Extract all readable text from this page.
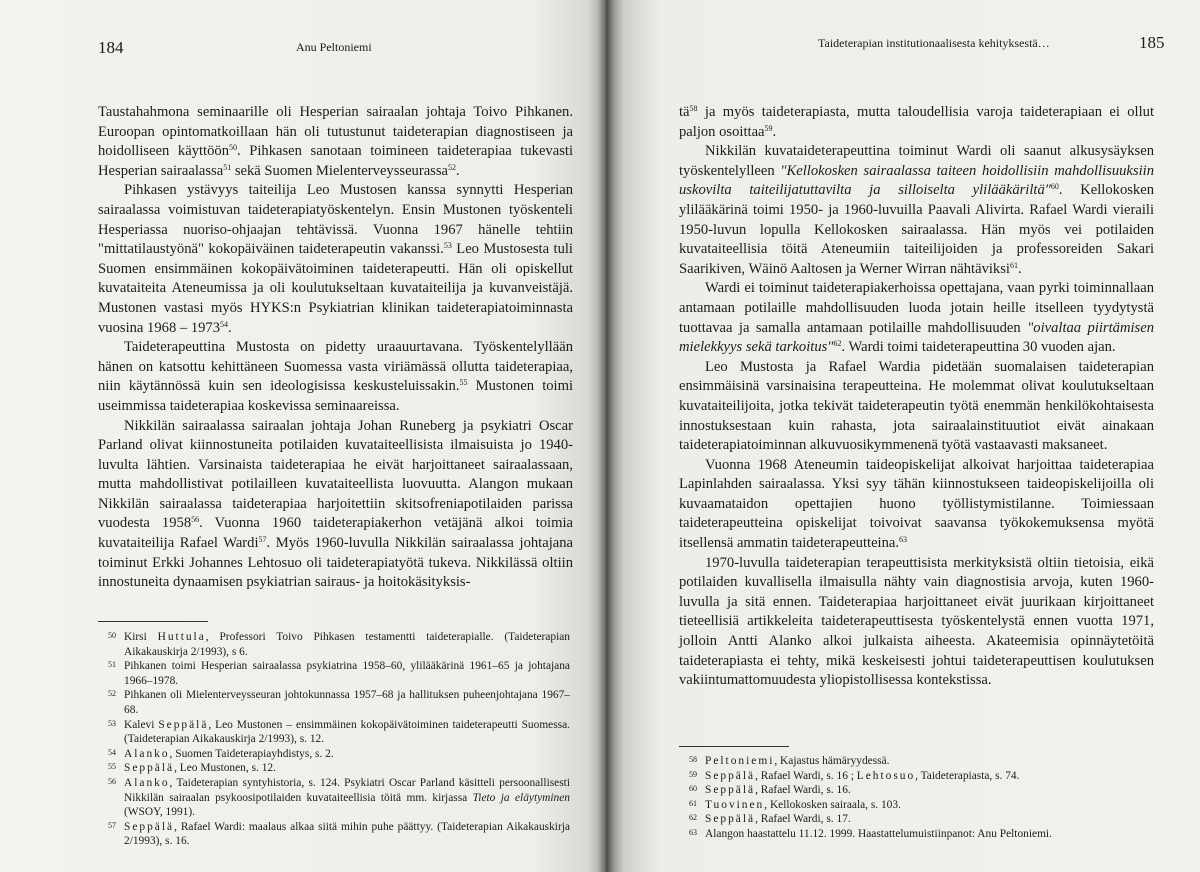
184	Anu Peltoniemi

Taustahahmona seminaarille oli Hesperian sairaalan johtaja Toivo Pihkanen. Euroopan opintomatkoillaan hän oli tutustunut taideterapian diagnostiseen ja hoidolliseen käyttöön$^{50}$. Pihkasen sanotaan toimineen taideterapiaa tukevasti Hesperian sairaalassa$^{51}$ sekä Suomen Mielenterveysseurassa$^{52}$.

Pihkasen ystävyys taiteilija Leo Mustosen kanssa synnytti Hesperian sairaalassa voimistuvan taideterapiatyöskentelyn. Ensin Mustonen työskenteli Hesperiassa nuoriso-ohjaajan tehtävissä. Vuonna 1967 hänelle tehtiin "mittatilaustyönä" kokopäiväinen taideterapeutin vakanssi.$^{53}$ Leo Mustosesta tuli Suomen ensimmäinen kokopäivätoiminen taideterapeutti. Hän oli opiskellut kuvataiteita Ateneumissa ja oli koulutukseltaan kuvataiteilija ja kuvanveistäjä. Mustonen vastasi myös HYKS:n Psykiatrian klinikan taideterapiatoiminnasta vuosina 1968 – 1973$^{54}$.

Taideterapeuttina Mustosta on pidetty uraauurtavana. Työskentelyllään hänen on katsottu kehittäneen Suomessa vasta viriämässä ollutta taideterapiaa, niin käytännössä kuin sen ideologisissa keskusteluissakin.$^{55}$ Mustonen toimi useimmissa taideterapiaa koskevissa seminaareissa.

Nikkilän sairaalassa sairaalan johtaja Johan Runeberg ja psykiatri Oscar Parland olivat kiinnostuneita potilaiden kuvataiteellisista ilmaisuista jo 1940-luvulta lähtien. Varsinaista taideterapiaa he eivät harjoittaneet sairaalassaan, mutta mahdollistivat potilailleen kuvataiteellista luovuutta. Alangon mukaan Nikkilän sairaalassa taideterapiaa harjoitettiin skitsofreniapotilaiden parissa vuodesta 1958$^{56}$. Vuonna 1960 taideterapiakerhon vetäjänä alkoi toimia kuvataiteilija Rafael Wardi$^{57}$. Myös 1960-luvulla Nikkilän sairaalassa johtajana toiminut Erkki Johannes Lehtosuo oli taideterapiatyötä tukeva. Nikkilässä oltiin innostuneita dynaamisen psykiatrian sairaus- ja hoitokäsityksis-

50 Kirsi Huttula, Professori Toivo Pihkasen testamentti taideterapialle. (Taideterapian Aikakauskirja 2/1993), s 6.
51 Pihkanen toimi Hesperian sairaalassa psykiatrina 1958–60, ylilääkärinä 1961–65 ja johtajana 1966–1978.
52 Pihkanen oli Mielenterveysseuran johtokunnassa 1957–68 ja hallituksen puheenjohtajana 1967–68.
53 Kalevi Seppälä, Leo Mustonen – ensimmäinen kokopäivätoiminen taideterapeutti Suomessa. (Taideterapian Aikakauskirja 2/1993), s. 12.
54 Alanko, Suomen Taideterapiayhdistys, s. 2.
55 Seppälä, Leo Mustonen, s. 12.
56 Alanko, Taideterapian syntyhistoria, s. 124. Psykiatri Oscar Parland käsitteli persoonallisesti Nikkilän sairaalan psykoosipotilaiden kuvataiteellisia töitä mm. kirjassa Tieto ja eläytyminen (WSOY, 1991).
57 Seppälä, Rafael Wardi: maalaus alkaa siitä mihin puhe päättyy. (Taideterapian Aikakauskirja 2/1993), s. 16.
Taideterapian institutionaalisesta kehityksestä…	185

$tä^{58}$ ja myös taideterapiasta, mutta taloudellisia varoja taideterapiaan ei ollut paljon osoittaa$^{59}$.

Nikkilän kuvataideterapeuttina toiminut Wardi oli saanut alkusysäyksen työskentelylleen "Kellokosken sairaalassa taiteen hoidollisiin mahdollisuuksiin uskovilta taiteilijatuttavilta ja silloiselta ylilääkäriltä"$^{60}$. Kellokosken ylilääkärinä toimi 1950- ja 1960-luvuilla Paavali Alivirta. Rafael Wardi vieraili 1950-luvun lopulla Kellokosken sairaalassa. Hän myös vei potilaiden kuvataiteellisia töitä Ateneumiin taiteilijoiden ja professoreiden Sakari Saarikiven, Wäinö Aaltosen ja Werner Wirran nähtäviksi$^{61}$.

Wardi ei toiminut taideterapiakerhoissa opettajana, vaan pyrki toiminnallaan antamaan potilaille mahdollisuuden luoda jotain heille itselleen tyydytystä tuottavaa ja samalla antamaan potilaille mahdollisuuden "oivaltaa piirtämisen mielekkyys sekä tarkoitus"$^{62}$. Wardi toimi taideterapeuttina 30 vuoden ajan.

Leo Mustosta ja Rafael Wardia pidetään suomalaisen taideterapian ensimmäisinä varsinaisina terapeutteina. He molemmat olivat koulutukseltaan kuvataiteilijoita, jotka tekivät taideterapeutin työtä enemmän henkilökohtaisesta innostuksestaan kuin rahasta, jota sairaalainstituutiot eivät ainakaan taideterapiatoiminnan alkuvuosikymmenenä työtä vastaavasti maksaneet.

Vuonna 1968 Ateneumin taideopiskelijat alkoivat harjoittaa taideterapiaa Lapinlahden sairaalassa. Yksi syy tähän kiinnostukseen taideopiskelijoilla oli kuvaamataidon opettajien huono työllistymistilanne. Toimiessaan taideterapeutteina opiskelijat toivoivat saavansa työkokemuksensa myötä itsellensä ammatin taideterapeutteina.$^{63}$

1970-luvulla taideterapian terapeuttisista merkityksistä oltiin tietoisia, eikä potilaiden kuvallisella ilmaisulla nähty vain diagnostisia arvoja, kuten 1960-luvulla ja sitä ennen. Taideterapiaa harjoittaneet eivät juurikaan kirjoittaneet tieteellisiä artikkeleita taideterapeuttisesta työskentelystä ennen vuotta 1971, jolloin Antti Alanko alkoi julkaista aiheesta. Akateemisia opinnäytetöitä taideterapiasta ei tehty, mikä keskeisesti johtui taideterapeuttisen koulutuksen vakiintumattomuudesta yliopistollisessa kontekstissa.

58 Peltoniemi, Kajastus hämäryydessä.
59 Seppälä, Rafael Wardi, s. 16 ; Lehtosuo, Taideterapiasta, s. 74.
60 Seppälä, Rafael Wardi, s. 16.
61 Tuovinen, Kellokosken sairaala, s. 103.
62 Seppälä, Rafael Wardi, s. 17.
63 Alangon haastattelu 11.12. 1999. Haastattelumuistiinpanot: Anu Peltoniemi.
